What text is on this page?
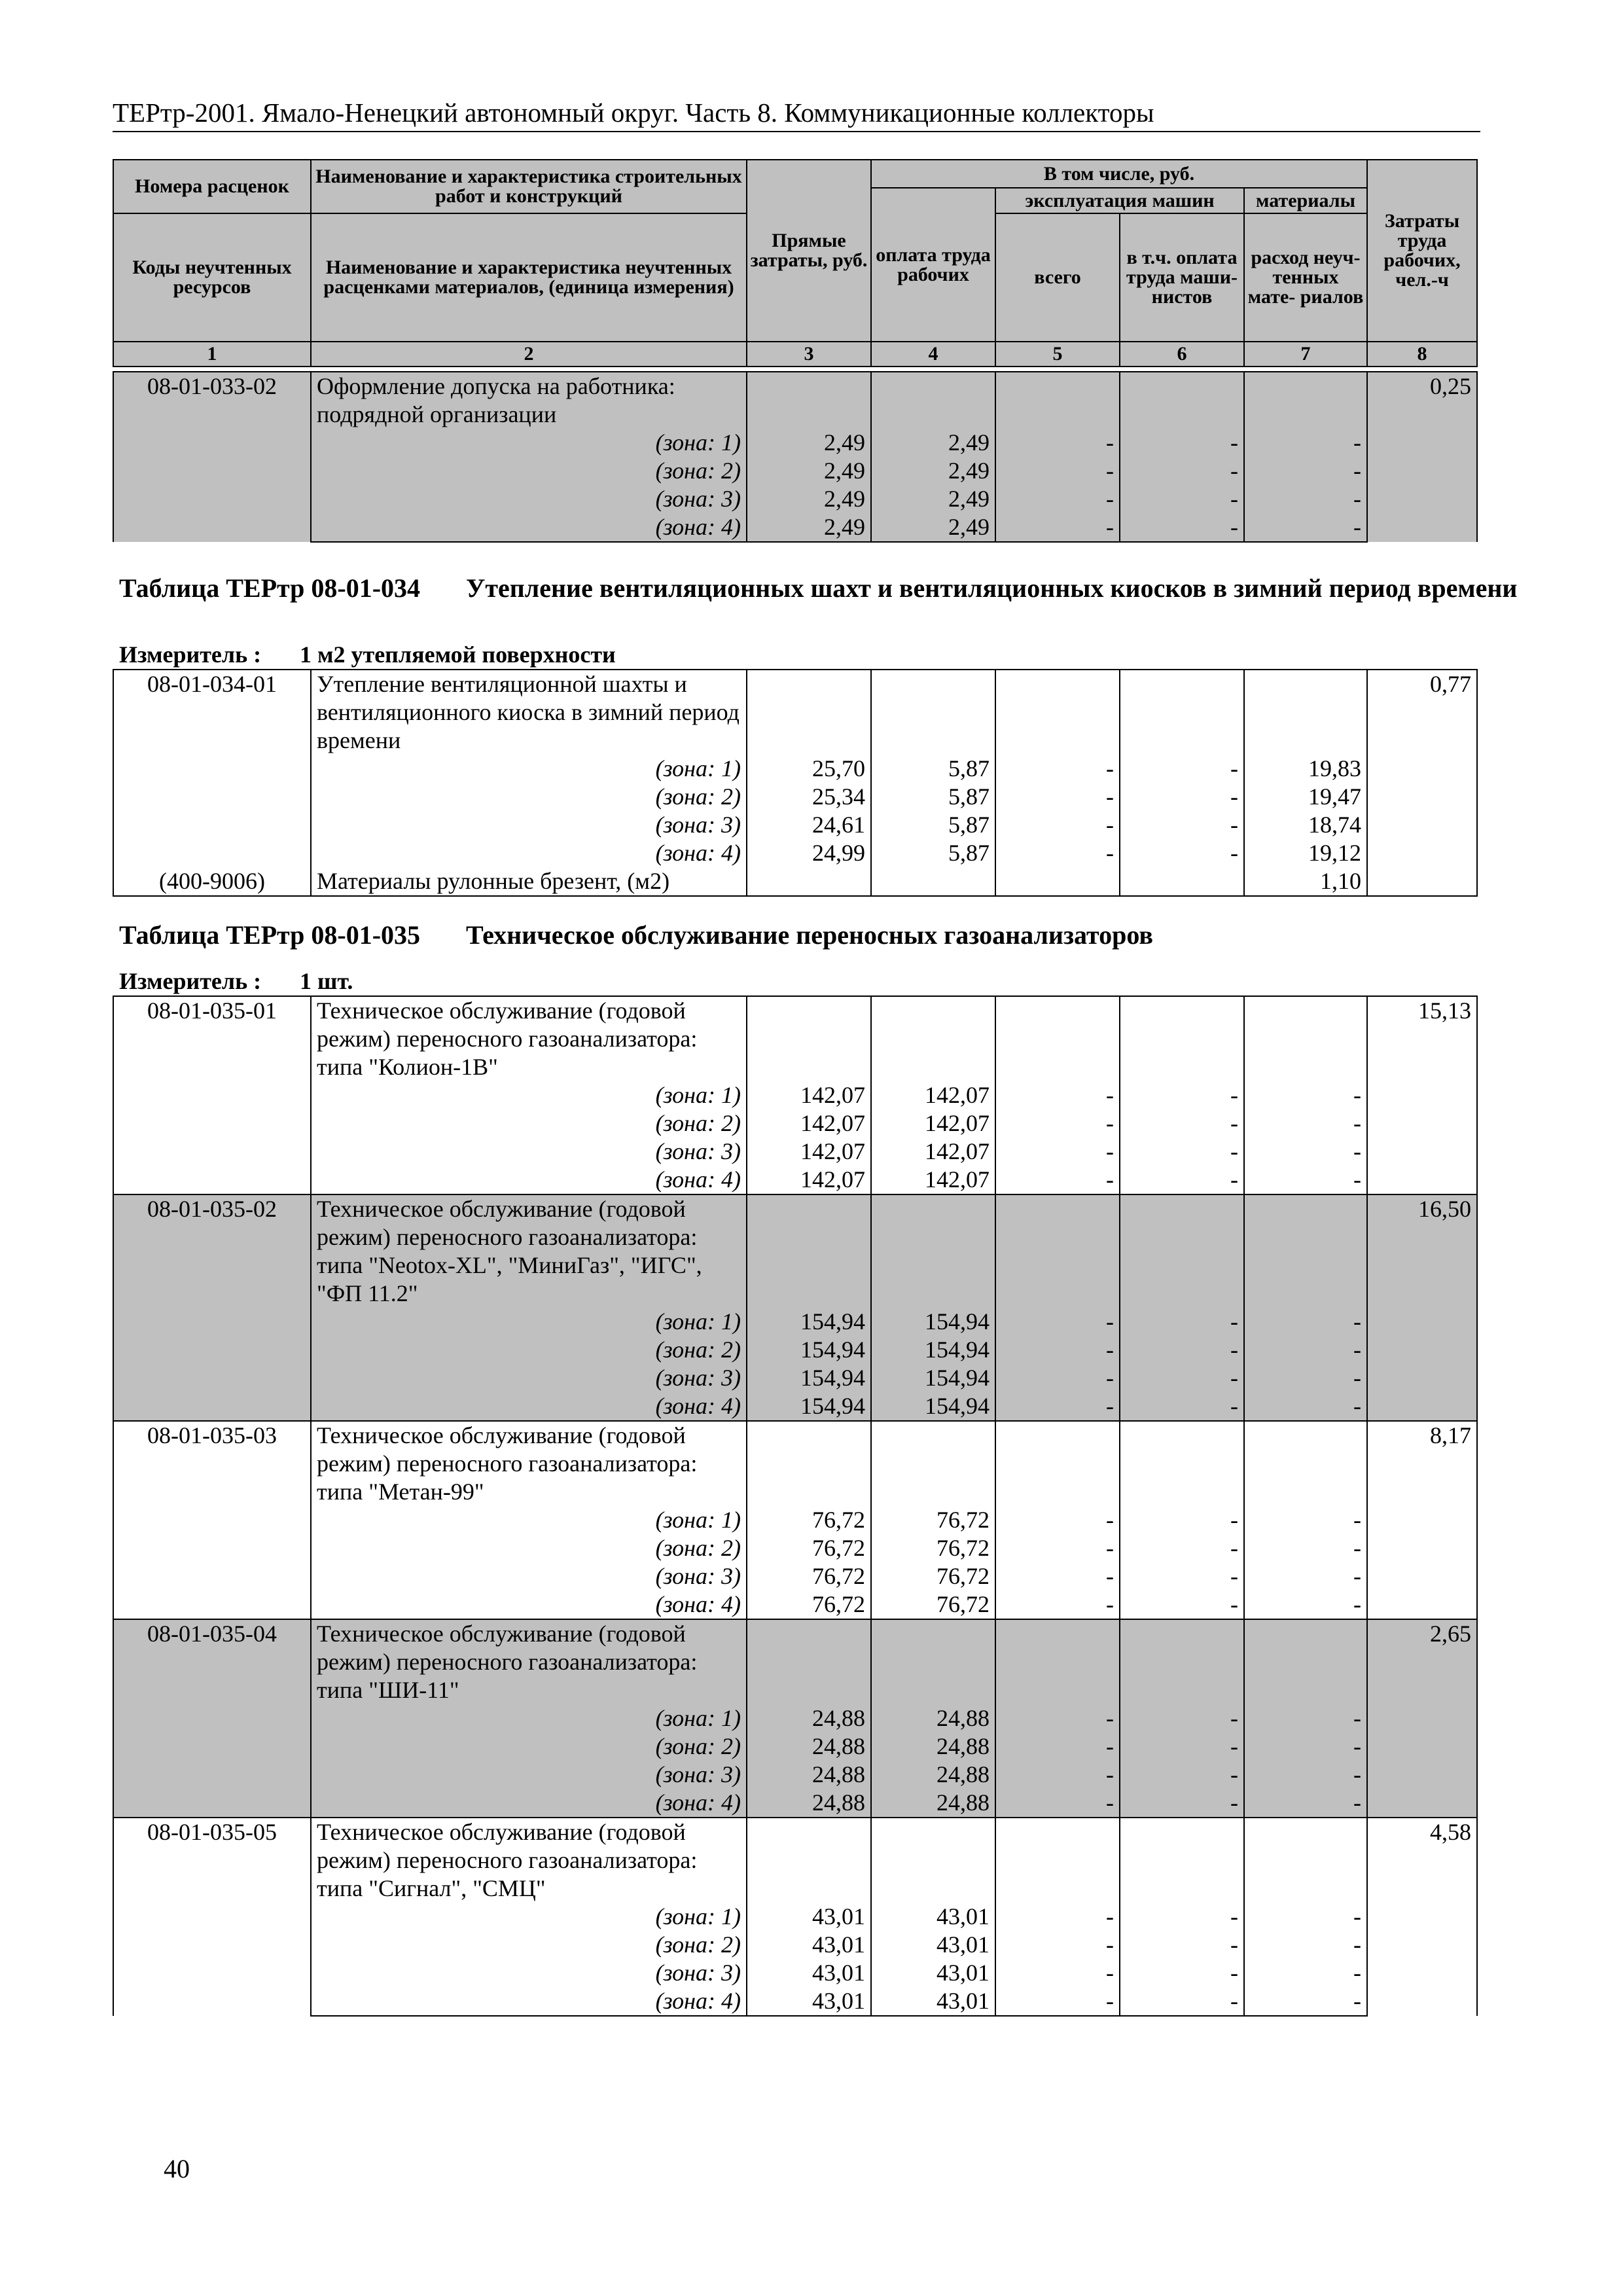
ТЕРтр-2001. Ямало-Ненецкий автономный округ. Часть 8. Коммуникационные коллекторы
Номера расценок	Наименование и характеристика строительных работ и конструкций	Прямые затраты, руб.	В том числе, руб.				Затраты труда рабочих, чел.-ч
			оплата труда рабочих	эксплуатация машин		материалы	
Коды неучтенных ресурсов	Наименование и характеристика неучтенных расценками материалов, (единица измерения)			всего	в т.ч. оплата труда маши- нистов	расход неуч- тенных мате- риалов	

1	2	3	4	5	6	7	8
08-01-033-02	Оформление допуска на работника: подрядной организации						0,25

	(зона: 1)	2,49	2,49	-	-	-	
	(зона: 2)	2,49	2,49	-	-	-	
	(зона: 3)	2,49	2,49	-	-	-	
	(зона: 4)	2,49	2,49	-	-	-	
Таблица ТЕРтр 08-01-034 Утепление вентиляционных шахт и вентиляционных киосков в зимний период времени
Измеритель : 1 м2 утепляемой поверхности
08-01-034-01	Утепление вентиляционной шахты и вентиляционного киоска в зимний период времени						0,77

	(зона: 1)	25,70	5,87	-	-	19,83	
	(зона: 2)	25,34	5,87	-	-	19,47	
	(зона: 3)	24,61	5,87	-	-	18,74	
	(зона: 4)	24,99	5,87	-	-	19,12	
(400-9006)	Материалы рулонные брезент, (м2)					1,10	
Таблица ТЕРтр 08-01-035 Техническое обслуживание переносных газоанализаторов
Измеритель : 1 шт.
08-01-035-01	Техническое обслуживание (годовой режим) переносного газоанализатора: типа "Колион-1В"						15,13

	(зона: 1)	142,07	142,07	-	-	-	
	(зона: 2)	142,07	142,07	-	-	-	
	(зона: 3)	142,07	142,07	-	-	-	
	(зона: 4)	142,07	142,07	-	-	-	
08-01-035-02	Техническое обслуживание (годовой режим) переносного газоанализатора: типа "Neotox-XL", "МиниГаз", "ИГС", "ФП 11.2"						16,50

	(зона: 1)	154,94	154,94	-	-	-	
	(зона: 2)	154,94	154,94	-	-	-	
	(зона: 3)	154,94	154,94	-	-	-	
	(зона: 4)	154,94	154,94	-	-	-	
08-01-035-03	Техническое обслуживание (годовой режим) переносного газоанализатора: типа "Метан-99"						8,17

	(зона: 1)	76,72	76,72	-	-	-	
	(зона: 2)	76,72	76,72	-	-	-	
	(зона: 3)	76,72	76,72	-	-	-	
	(зона: 4)	76,72	76,72	-	-	-	
08-01-035-04	Техническое обслуживание (годовой режим) переносного газоанализатора: типа "ШИ-11"						2,65

	(зона: 1)	24,88	24,88	-	-	-	
	(зона: 2)	24,88	24,88	-	-	-	
	(зона: 3)	24,88	24,88	-	-	-	
	(зона: 4)	24,88	24,88	-	-	-	
08-01-035-05	Техническое обслуживание (годовой режим) переносного газоанализатора: типа "Сигнал", "СМЦ"						4,58

	(зона: 1)	43,01	43,01	-	-	-	
	(зона: 2)	43,01	43,01	-	-	-	
	(зона: 3)	43,01	43,01	-	-	-	
	(зона: 4)	43,01	43,01	-	-	-	
40
